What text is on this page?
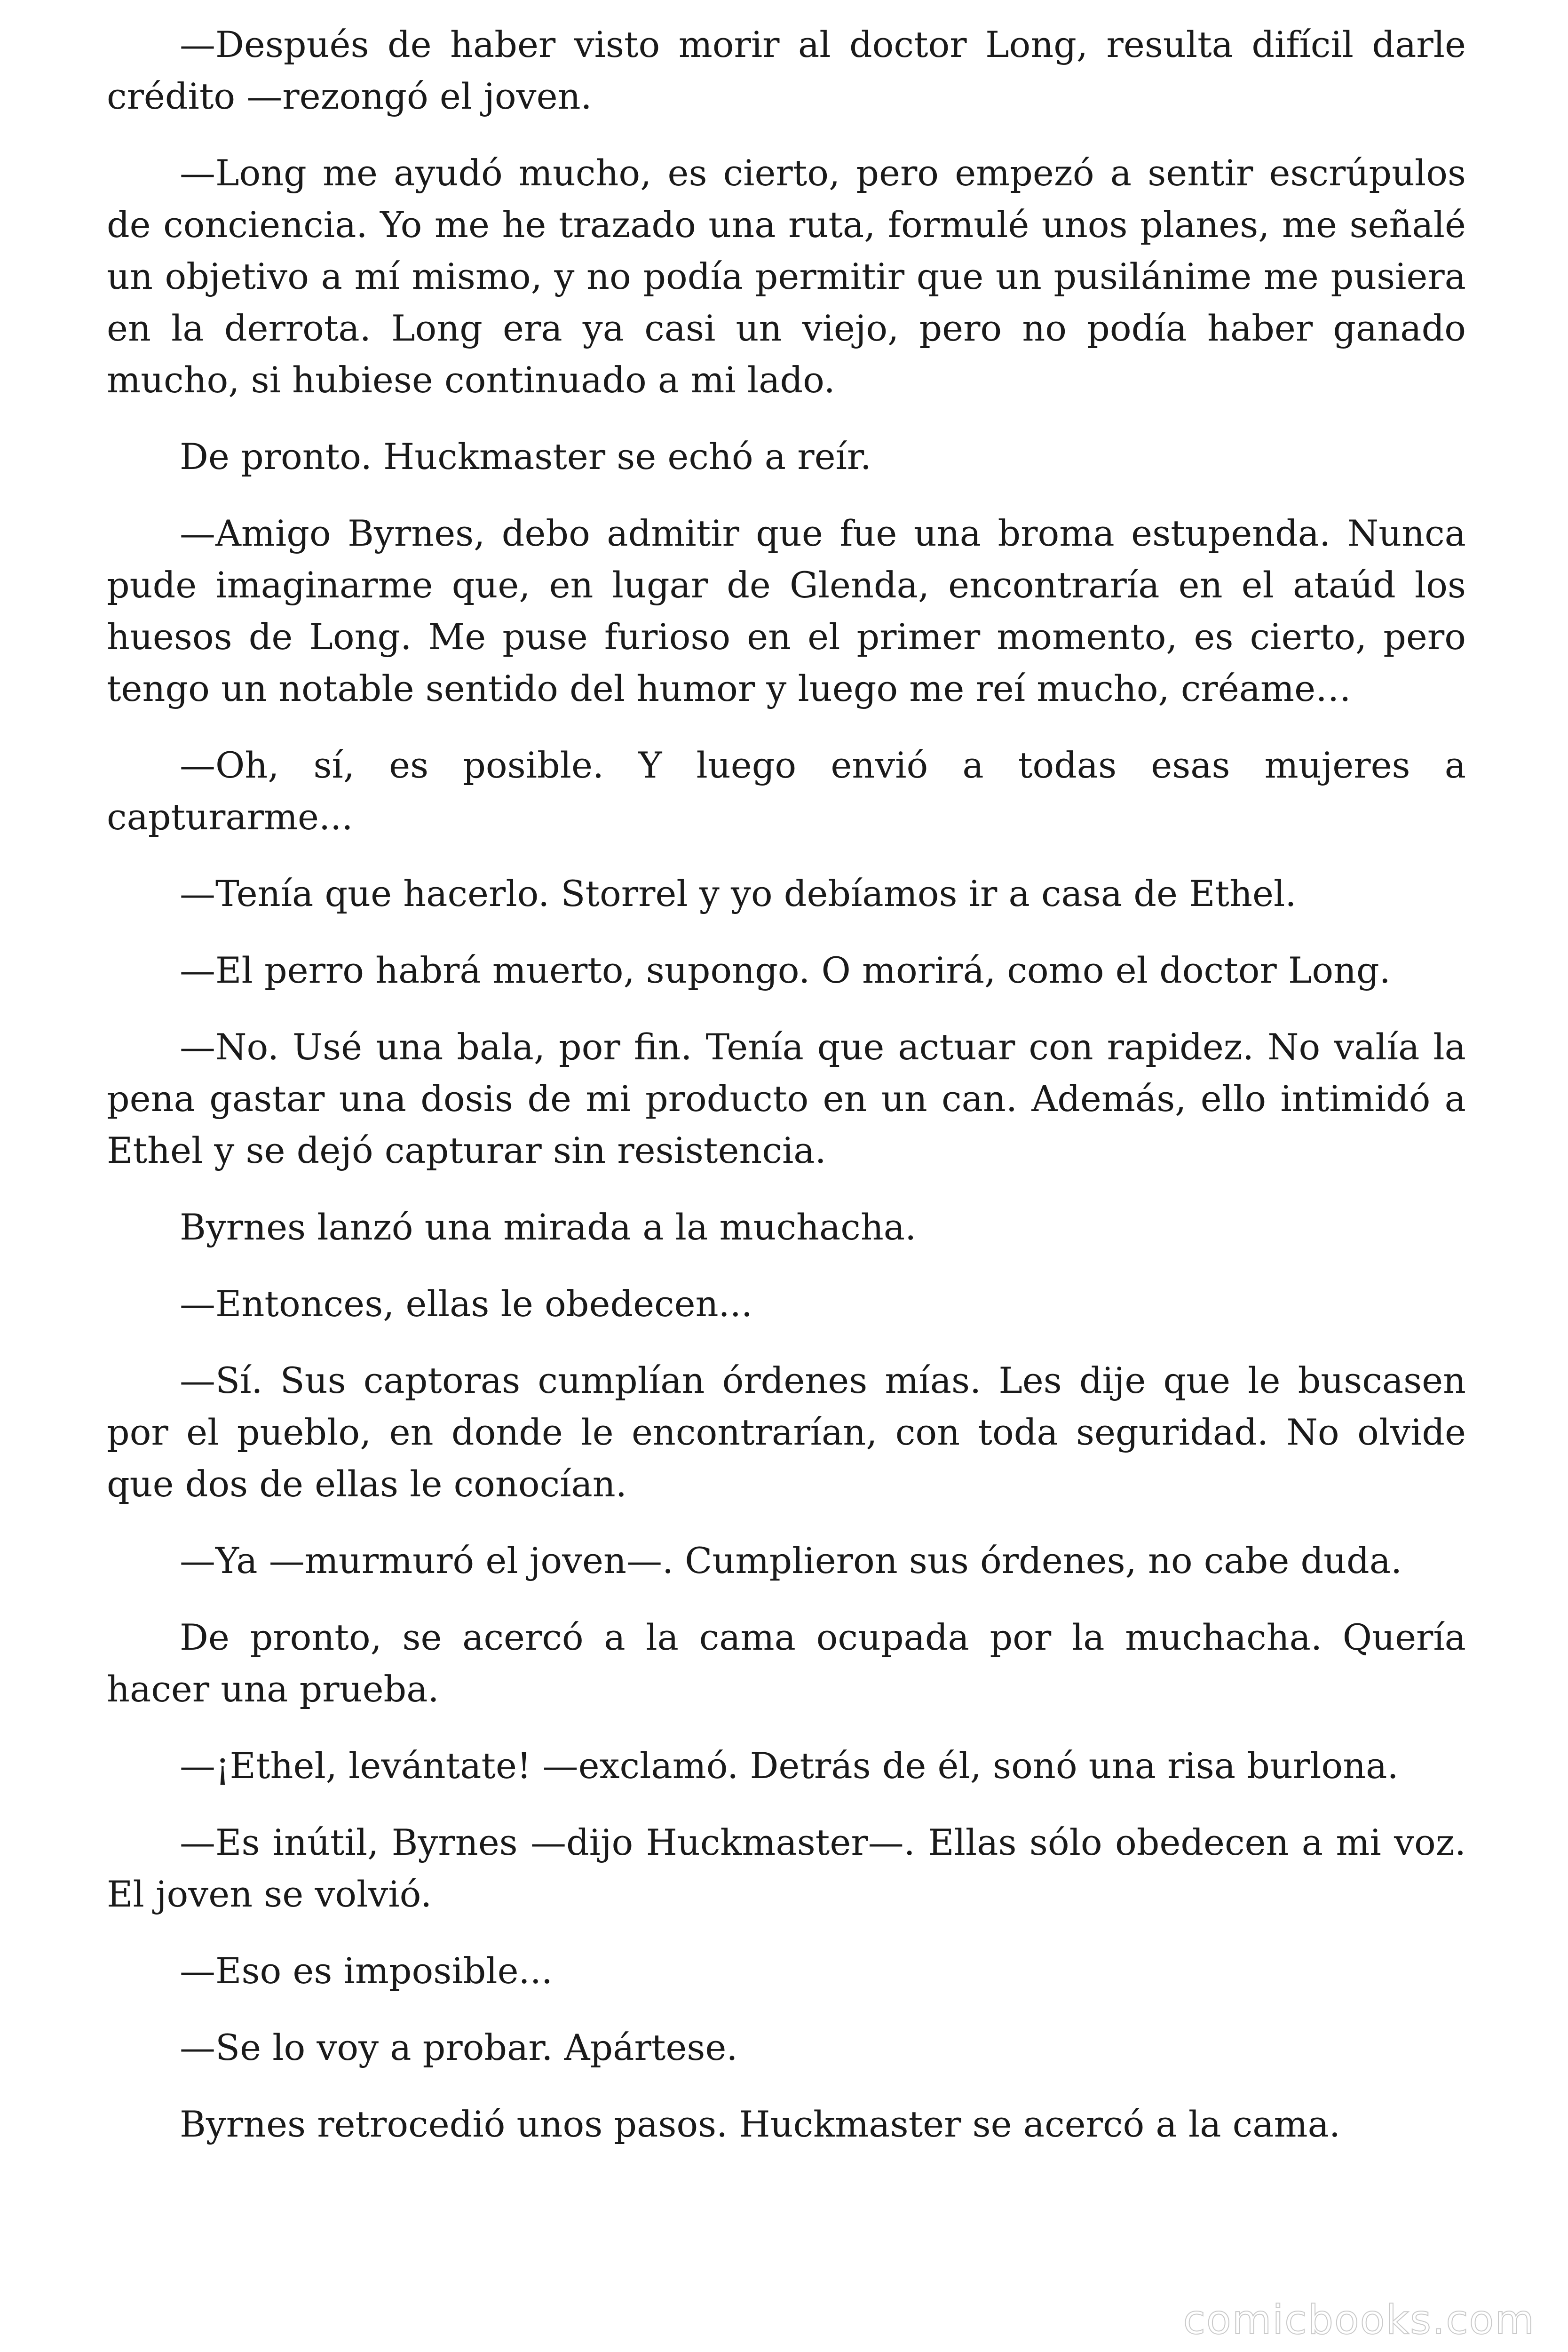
—Después de haber visto morir al doctor Long, resulta difícil darle crédito —rezongó el joven.

—Long me ayudó mucho, es cierto, pero empezó a sentir escrúpulos de conciencia. Yo me he trazado una ruta, formulé unos planes, me señalé un objetivo a mí mismo, y no podía permitir que un pusilánime me pusiera en la derrota. Long era ya casi un viejo, pero no podía haber ganado mucho, si hubiese continuado a mi lado.

De pronto. Huckmaster se echó a reír.

—Amigo Byrnes, debo admitir que fue una broma estupenda. Nunca pude imaginarme que, en lugar de Glenda, encontraría en el ataúd los huesos de Long. Me puse furioso en el primer momento, es cierto, pero tengo un notable sentido del humor y luego me reí mucho, créame…

—Oh, sí, es posible. Y luego envió a todas esas mujeres a capturarme...

—Tenía que hacerlo. Storrel y yo debíamos ir a casa de Ethel.

—El perro habrá muerto, supongo. O morirá, como el doctor Long.

—No. Usé una bala, por fin. Tenía que actuar con rapidez. No valía la pena gastar una dosis de mi producto en un can. Además, ello intimidó a Ethel y se dejó capturar sin resistencia.

Byrnes lanzó una mirada a la muchacha.

—Entonces, ellas le obedecen...

—Sí. Sus captoras cumplían órdenes mías. Les dije que le buscasen por el pueblo, en donde le encontrarían, con toda seguridad. No olvide que dos de ellas le conocían.

—Ya —murmuró el joven—. Cumplieron sus órdenes, no cabe duda.

De pronto, se acercó a la cama ocupada por la muchacha. Quería hacer una prueba.

—¡Ethel, levántate! —exclamó. Detrás de él, sonó una risa burlona.

—Es inútil, Byrnes —dijo Huckmaster—. Ellas sólo obedecen a mi voz. El joven se volvió.

—Eso es imposible...

—Se lo voy a probar. Apártese.

Byrnes retrocedió unos pasos. Huckmaster se acercó a la cama.

comicbooks.com
